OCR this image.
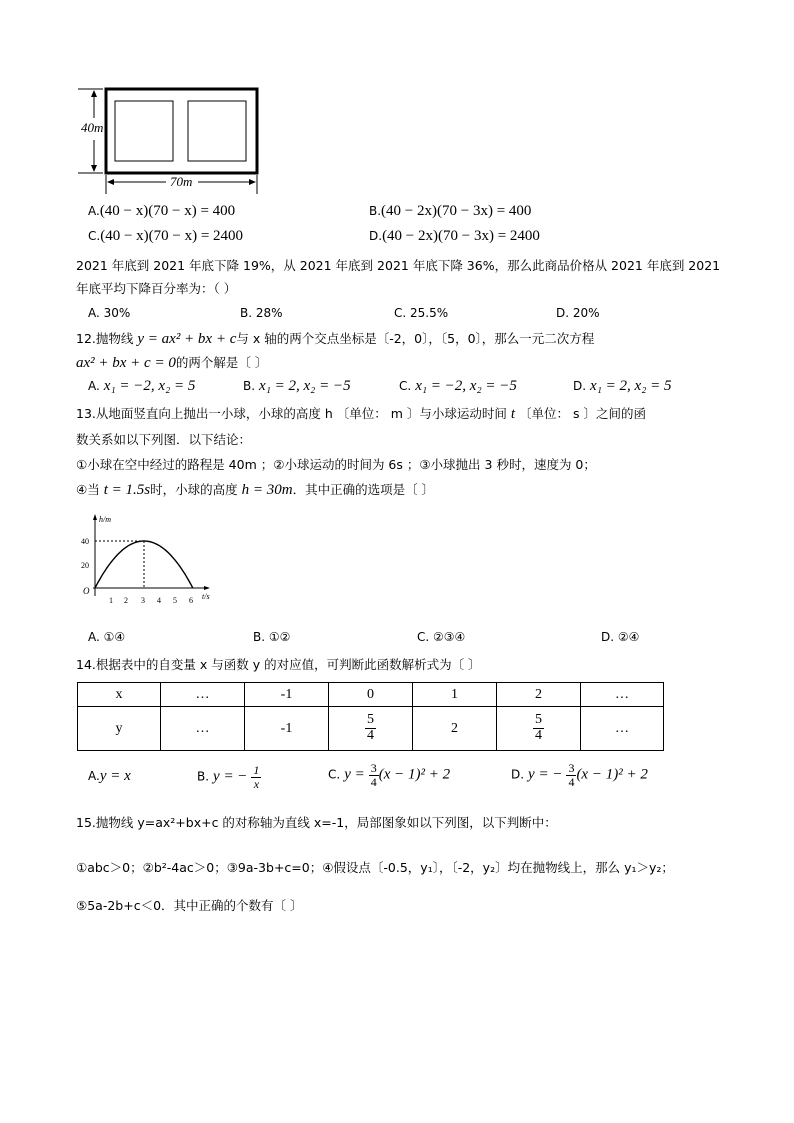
40m
70m
A.(40 − x)(70 − x) = 400	B.(40 − 2x)(70 − 3x) = 400
C.(40 − x)(70 − x) = 2400	D.(40 − 2x)(70 − 3x) = 2400
2021 年底到 2021 年底下降 19%，从 2021 年底到 2021 年底下降 36%，那么此商品价格从 2021 年底到 2021
年底平均下降百分率为：（ ）
A. 30%	B. 28%	C. 25.5%	D. 20%
12.抛物线 y = ax² + bx + c与 x 轴的两个交点坐标是〔-2，0〕，〔5，0〕，那么一元二次方程
ax² + bx + c = 0的两个解是〔 〕
A. x₁ = −2, x₂ = 5	B. x₁ = 2, x₂ = −5	C. x₁ = −2, x₂ = −5	D. x₁ = 2, x₂ = 5
13.从地面竖直向上抛出一小球，小球的高度 h 〔单位： m 〕与小球运动时间 t 〔单位： s 〕之间的函
数关系如以下列图．以下结论：
①小球在空中经过的路程是 40m ；②小球运动的时间为 6s ；③小球抛出 3 秒时，速度为 0；
④当 t = 1.5s时，小球的高度 h = 30m．其中正确的选项是〔 〕
h/m
t/s
O
20
40
1 2 3 4 5 6
A. ①④	B. ①②	C. ②③④	D. ②④
14.根据表中的自变量 x 与函数 y 的对应值，可判断此函数解析式为〔 〕
x	…	-1	0	1	2	…
y	…	-1	$\frac{5}{4}$	2	$\frac{5}{4}$	…
A.y = x	B. y = − $\frac{1}{x}$	C. $y = \frac{3}{4} (x - 1)^2 + 2$	D. y = − $\frac{3}{4} (x - 1)^2 + 2$
15.抛物线 y=ax²+bx+c 的对称轴为直线 x=-1，局部图象如以下列图，以下判断中：
①abc＞0；②b²-4ac＞0；③9a-3b+c=0；④假设点〔-0.5，y₁〕，〔-2，y₂〕均在抛物线上，那么 y₁＞y₂；
⑤5a-2b+c＜0．其中正确的个数有〔 〕
